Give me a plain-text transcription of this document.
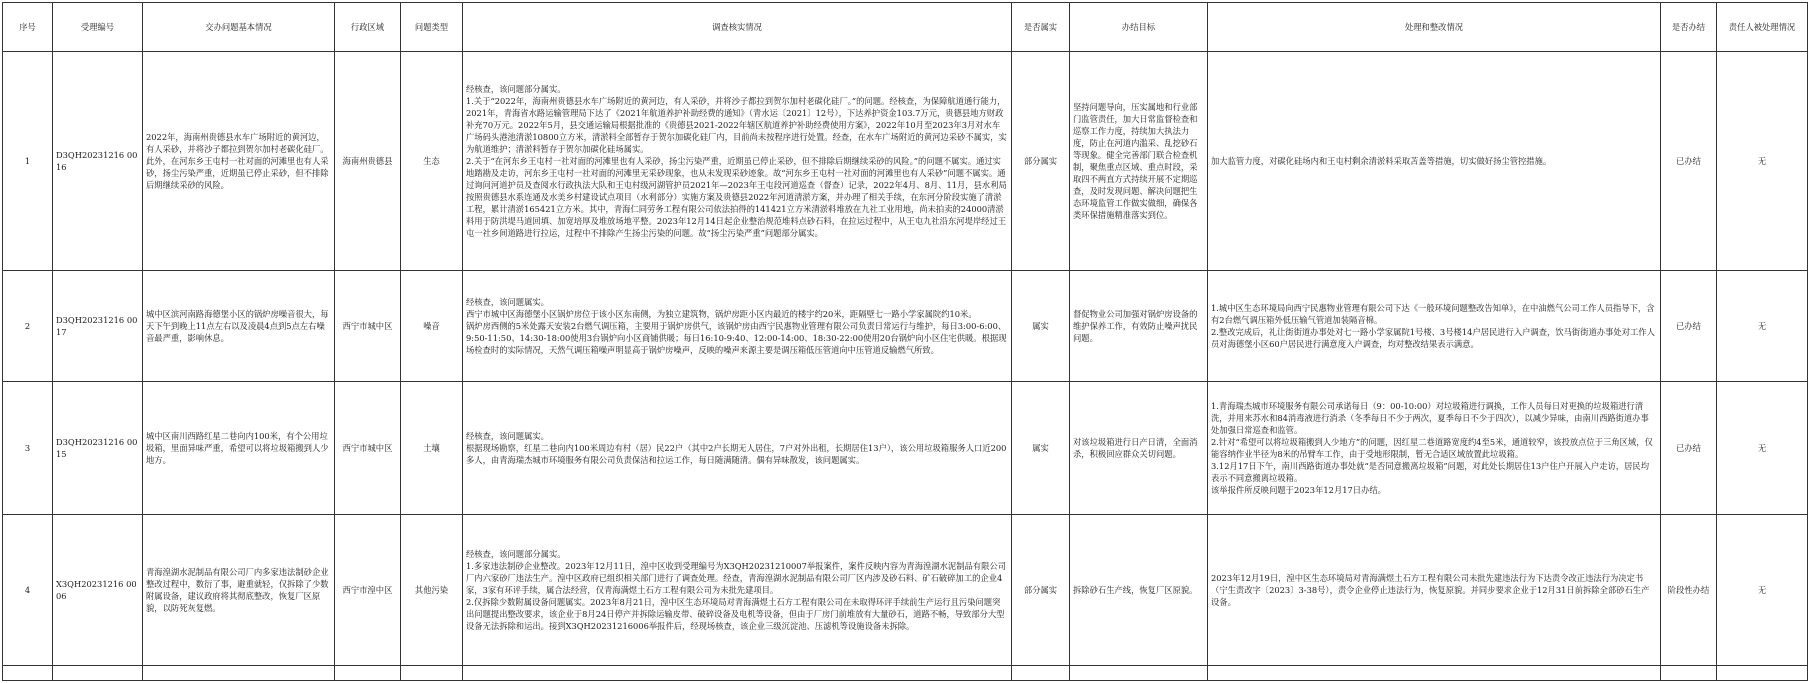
序号	受理编号	交办问题基本情况	行政区域	问题类型	调查核实情况	是否属实	办结目标	处理和整改情况	是否办结	责任人被处理情况
1	D3QH20231216 0016	2022年，海南州贵德县水车广场附近的黄河边，有人采砂，并将沙子都拉到贺尔加村老碳化硅厂。此外，在河东乡王屯村一社对面的河滩里也有人采砂，扬尘污染严重，近期虽已停止采砂，但不排除后期继续采砂的风险。	海南州贵德县	生态	经核查，该问题部分属实。
1.关于“2022年，海南州贵德县水车广场附近的黄河边，有人采砂，并将沙子都拉到贺尔加村老碳化硅厂。”的问题。经核查，为保障航道通行能力，2021年，青海省水路运输管理局下达了《2021年航道养护补助经费的通知》（青水运〔2021〕12号），下达养护资金103.7万元，贵德县地方财政补充70万元。2022年5月，县交通运输局根据批准的《贵德县2021-2022年辖区航道养护补助经费使用方案》，2022年10月至2023年3月对水车广场码头港池清淤10800立方米，清淤料全部暂存于贺尔加碳化硅厂内，目前尚未按程序进行处置。经查，在水车广场附近的黄河边采砂不属实，实为航道维护；清淤料暂存于贺尔加碳化硅场属实。
2.关于“在河东乡王屯村一社对面的河滩里也有人采砂，扬尘污染严重，近期虽已停止采砂，但不排除后期继续采砂的风险。”的问题不属实。通过实地踏勘及走访，河东乡王屯村一社对面的河滩里无采砂现象，也从未发现采砂迹象。故“河东乡王屯村一社对面的河滩里也有人采砂”问题不属实。通过询问河道护员及查阅水行政执法大队和王屯村级河湖管护员2021年—2023年王屯段河道巡查（督查）记录，2022年4月、8月、11月，县水利局按照贵德县水系连通及水美乡村建设试点项目（水利部分）实施方案及贵德县2022年河道清淤方案，并办理了相关手续，在东河分阶段实施了清淤工程，累计清淤165421立方米。其中，青海仁同劳务工程有限公司依法拍得的141421立方米清淤料堆放在九社工业用地，尚未拍卖的24000清淤料用于防洪堤马道回填、加宽培厚及堆放场地平整。2023年12月14日起企业整治规范堆料点砂石料，在拉运过程中，从王屯九社沿东河堤岸经过王屯一社乡间道路进行拉运，过程中不排除产生扬尘污染的问题。故“扬尘污染严重”问题部分属实。	部分属实	坚持问题导向，压实属地和行业部门监管责任，加大日常监督检查和巡察工作力度，持续加大执法力度，防止在河道内滥采、乱挖砂石等现象。健全完善部门联合检查机制，聚焦重点区域、重点时段，采取四不两直方式持续开展不定期巡查，及时发现问题、解决问题把生态环境监管工作做实做细，确保各类环保措施精准落实到位。	加大监管力度，对碳化硅场内和王屯村剩余清淤料采取苫盖等措施，切实做好扬尘管控措施。	已办结	无
2	D3QH20231216 0017	城中区滨河南路海德堡小区的锅炉房噪音很大，每天下午到晚上11点左右以及凌晨4点到5点左右噪音最严重，影响休息。	西宁市城中区	噪音	经核查，该问题属实。
西宁市城中区海德堡小区锅炉房位于该小区东南侧，为独立建筑物，锅炉房距小区内最近的楼宇约20米，距隔壁七一路小学家属院约10米。
锅炉房西侧的5米处露天安装2台燃气调压箱，主要用于锅炉房供气，该锅炉房由西宁民惠物业管理有限公司负责日常运行与维护，每日3:00-6:00、9:50-11:50、14:30-18:00使用3台锅炉向小区商铺供暖；每日16:10-9:40、12:00-14:00、18:30-22:00使用20台锅炉向小区住宅供暖。根据现场检查时的实际情况，天然气调压箱噪声明显高于锅炉房噪声，反映的噪声来源主要是调压箱低压管道向中压管道反输燃气所致。	属实	督促物业公司加强对锅炉房设备的维护保养工作，有效防止噪声扰民问题。	1.城中区生态环境局向西宁民惠物业管理有限公司下达《一般环境问题整改告知单》，在中油燃气公司工作人员指导下，含有2台燃气调压箱外低压输气管道加装隔音棉。
2.整改完成后，礼让街街道办事处对七一路小学家属院1号楼、3号楼14户居民进行入户调查，饮马街街道办事处对工作人员对海德堡小区60户居民进行满意度入户调查，均对整改结果表示满意。	已办结	无
3	D3QH20231216 0015	城中区南川西路红星二巷向内100米，有个公用垃圾箱，里面异味严重，希望可以将垃圾箱搬到人少地方。	西宁市城中区	土壤	经核查，该问题属实。
根据现场勘察，红星二巷向内100米周边有村（居）民22户（其中2户长期无人居住，7户对外出租，长期居住13户），该公用垃圾箱服务人口近200多人，由青海瑞杰城市环境服务有限公司负责保洁和拉运工作，每日随满随清。偶有异味散发，该问题属实。	属实	对该垃圾箱进行日产日清，全面消杀，积极回应群众关切问题。	1.青海瑞杰城市环境服务有限公司承诺每日（9：00-10:00）对垃圾箱进行调换，工作人员每日对更换的垃圾箱进行清洗，并用来苏水和84消毒液进行消杀（冬季每日不少于两次，夏季每日不少于四次），以减少异味，由南川西路街道办事处加强日常巡查和监管。
2.针对“希望可以将垃圾箱搬到人少地方”的问题，因红星二巷道路宽度约4至5米，通道较窄，该投放点位于三角区域，仅能容纳作业半径为8米的吊臂车工作，由于受地形限制，暂无合适区域放置此垃圾箱。
3.12月17日下午，南川西路街道办事处就“是否同意搬离垃圾箱”问题，对此处长期居住13户住户开展入户走访，居民均表示不同意搬离垃圾箱。
该举报件所反映问题于2023年12月17日办结。	已办结	无
4	X3QH20231216 0006	青海湟湖水泥制品有限公司厂内多家违法制砂企业整改过程中，数衍了事，避重就轻，仅拆除了少数附属设备，建议政府将其彻底整改，恢复厂区原貌，以防死灰复燃。	西宁市湟中区	其他污染	经核查，该问题部分属实。
1.多家违法制砂企业整改。2023年12月11日，湟中区收到受理编号为X3QH20231210007举报案件，案件反映内容为青海湟湖水泥制品有限公司厂内六家砂厂违法生产。湟中区政府已组织相关部门进行了调查处理。经查，青海湟湖水泥制品有限公司厂区内涉及砂石料、矿石破碎加工的企业4家，3家有环评手续，属合法经营，仅青海满煜土石方工程有限公司为未批先建项目。
2.仅拆除少数附属设备问题属实。2023年8月21日，湟中区生态环境局对青海满煜土石方工程有限公司在未取得环评手续前生产运行且污染问题突出问题提出整改要求，该企业于8月24日停产并拆除运输皮带、破碎设备及电机等设备，但由于厂房门前堆放有大量砂石，道路不畅，导致部分大型设备无法拆除和运出。接到X3QH20231216006举报件后，经现场核查，该企业三级沉淀池、压滤机等设施设备未拆除。	部分属实	拆除砂石生产线，恢复厂区原貌。	2023年12月19日，湟中区生态环境局对青海满煜土石方工程有限公司未批先建违法行为下达责令改正违法行为决定书（宁生责改字〔2023〕3-38号），责令企业停止违法行为，恢复原貌。并同步要求企业于12月31日前拆除全部砂石生产设备。	阶段性办结	无
